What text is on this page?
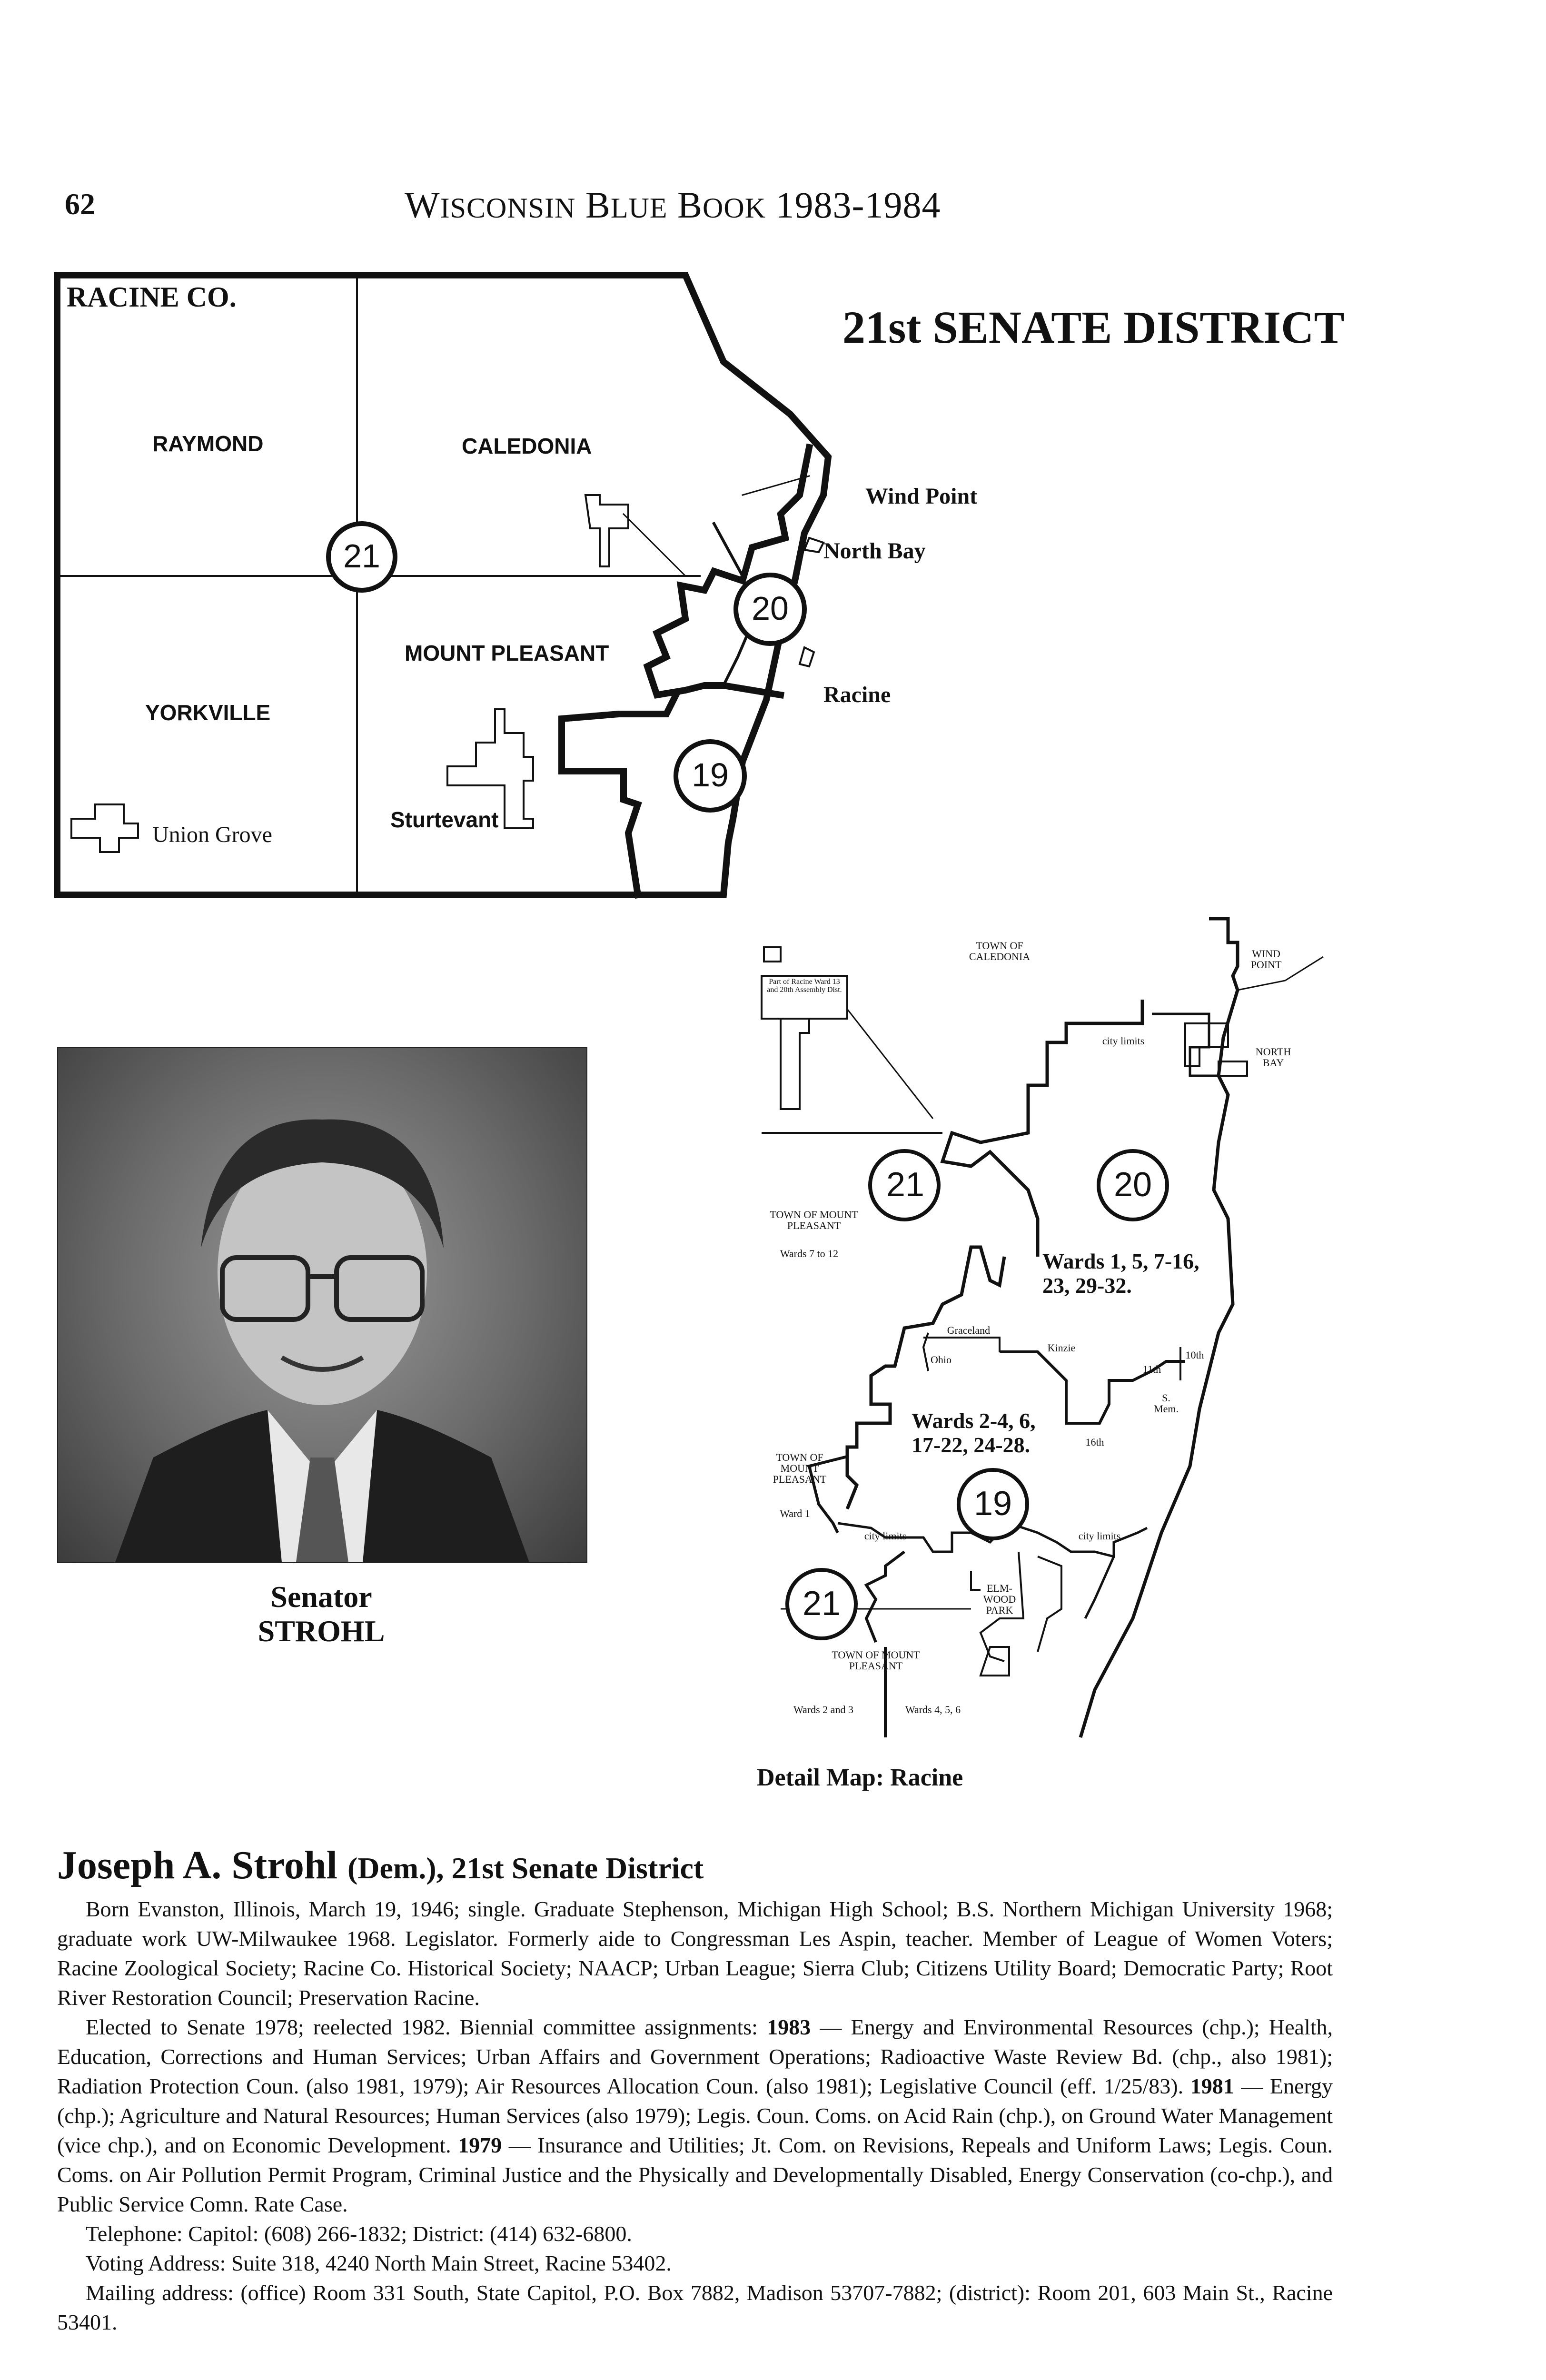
62	WISCONSIN BLUE BOOK 1983-1984
21st SENATE DISTRICT
RACINE CO.
RAYMOND	CALEDONIA
MOUNT PLEASANT
YORKVILLE
Wind Point
North Bay
Racine
Sturtevant
Union Grove
21
20
19
TOWN OF CALEDONIA	WIND POINT
NORTH BAY
Part of Racine Ward 13 and 20th Assembly Dist.
city limits
TOWN OF MOUNT PLEASANT
Wards 7 to 12	Wards 1, 5, 7-16, 23, 29-32.
Graceland
Ohio
Kinzie
11th
10th
S. Mem.
16th
Wards 2-4, 6, 17-22, 24-28.
TOWN OF MOUNT PLEASANT
Ward 1
city limits	city limits
ELM- WOOD PARK
TOWN OF MOUNT PLEASANT
Wards 2 and 3	Wards 4, 5, 6
21	20
19
21
Detail Map: Racine
Senator
STROHL
Joseph A. Strohl (Dem.), 21st Senate District

Born Evanston, Illinois, March 19, 1946; single. Graduate Stephenson, Michigan High School; B.S. Northern Michigan University 1968; graduate work UW-Milwaukee 1968. Legislator. Formerly aide to Congressman Les Aspin, teacher. Member of League of Women Voters; Racine Zoological Society; Racine Co. Historical Society; NAACP; Urban League; Sierra Club; Citizens Utility Board; Democratic Party; Root River Restoration Council; Preservation Racine.

Elected to Senate 1978; reelected 1982. Biennial committee assignments: 1983 — Energy and Environmental Resources (chp.); Health, Education, Corrections and Human Services; Urban Affairs and Government Operations; Radioactive Waste Review Bd. (chp., also 1981); Radiation Protection Coun. (also 1981, 1979); Air Resources Allocation Coun. (also 1981); Legislative Council (eff. 1/25/83). 1981 — Energy (chp.); Agriculture and Natural Resources; Human Services (also 1979); Legis. Coun. Coms. on Acid Rain (chp.), on Ground Water Management (vice chp.), and on Economic Development. 1979 — Insurance and Utilities; Jt. Com. on Revisions, Repeals and Uniform Laws; Legis. Coun. Coms. on Air Pollution Permit Program, Criminal Justice and the Physically and Developmentally Disabled, Energy Conservation (co-chp.), and Public Service Comn. Rate Case.

Telephone: Capitol: (608) 266-1832; District: (414) 632-6800.

Voting Address: Suite 318, 4240 North Main Street, Racine 53402.

Mailing address: (office) Room 331 South, State Capitol, P.O. Box 7882, Madison 53707-7882; (district): Room 201, 603 Main St., Racine 53401.
